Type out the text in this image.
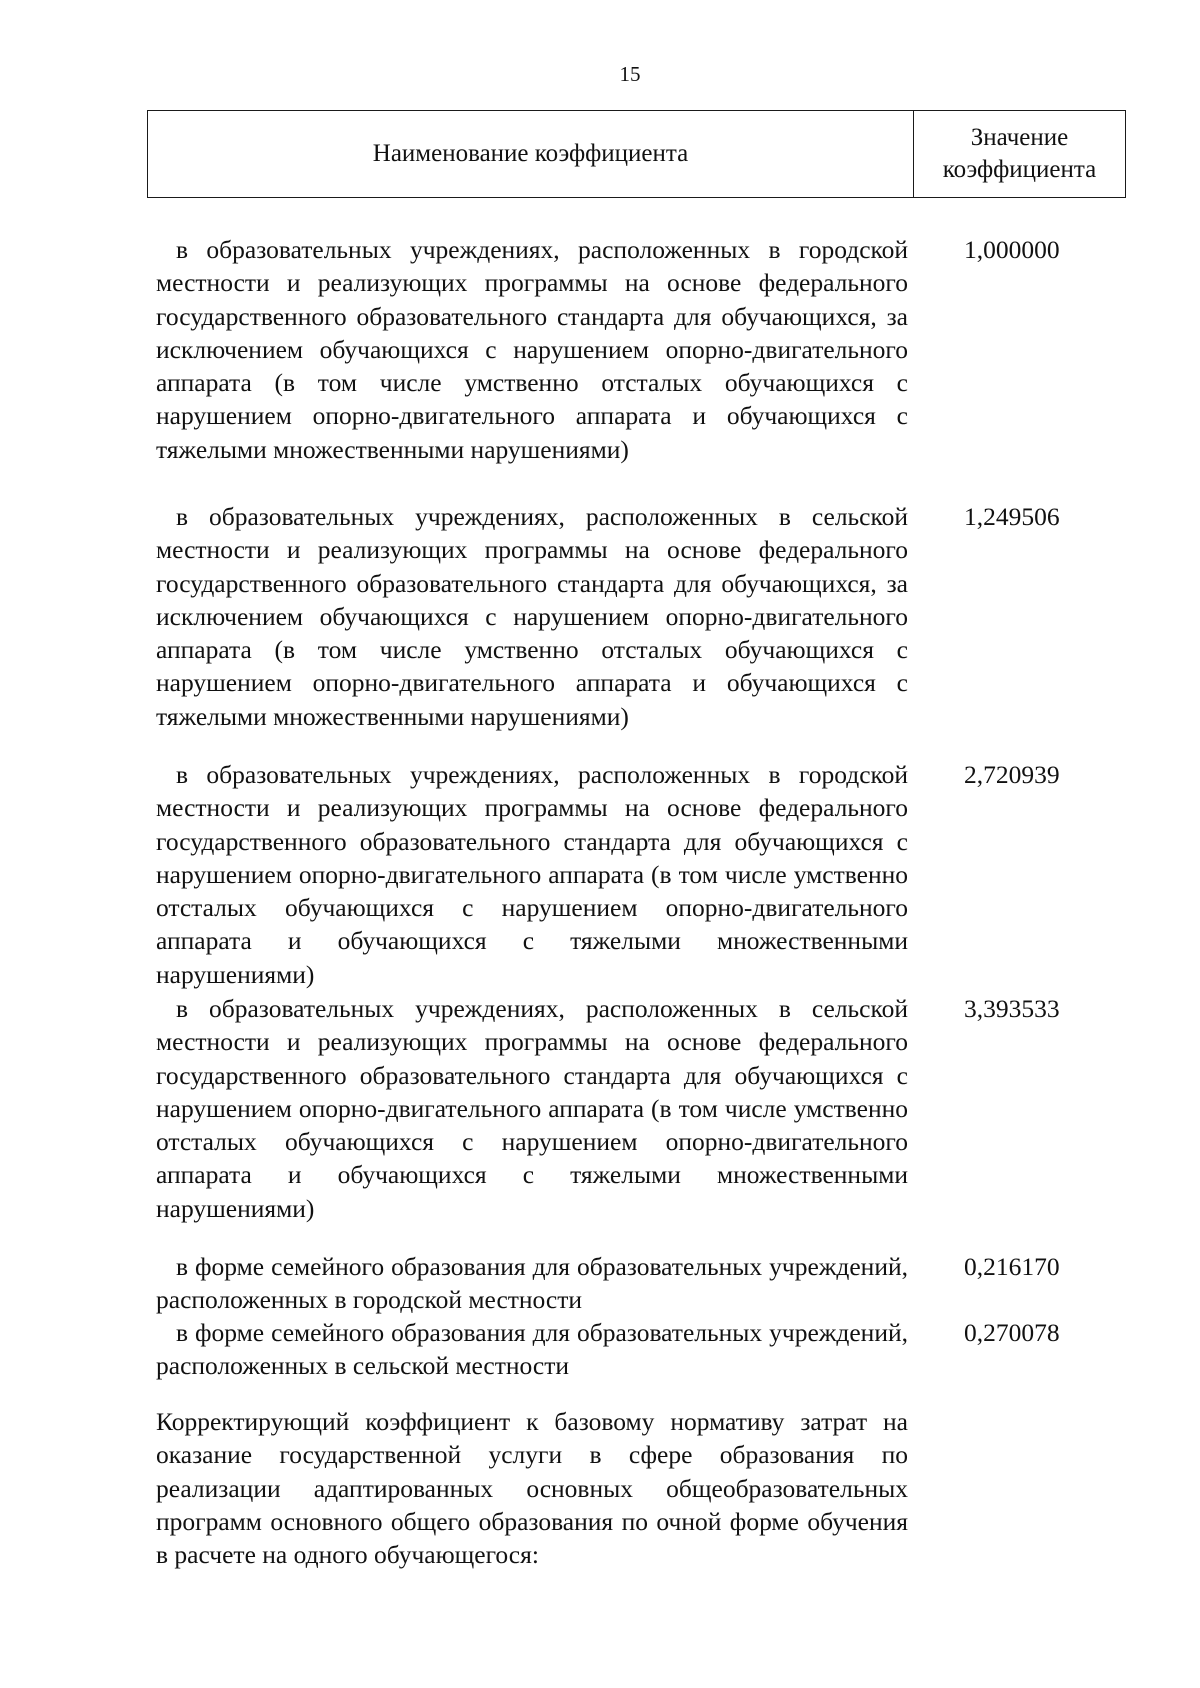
15
Наименование коэффициента
Значение коэффициента

в образовательных учреждениях, расположенных в городской местности и реализующих программы на основе федерального государственного образовательного стандарта для обучающихся, за исключением обучающихся с нарушением опорно-двигательного аппарата (в том числе умственно отсталых обучающихся с нарушением опорно-двигательного аппарата и обучающихся с тяжелыми множественными нарушениями)

1,000000

в образовательных учреждениях, расположенных в сельской местности и реализующих программы на основе федерального государственного образовательного стандарта для обучающихся, за исключением обучающихся с нарушением опорно-двигательного аппарата (в том числе умственно отсталых обучающихся с нарушением опорно-двигательного аппарата и обучающихся с тяжелыми множественными нарушениями)

1,249506

в образовательных учреждениях, расположенных в городской местности и реализующих программы на основе федерального государственного образовательного стандарта для обучающихся с нарушением опорно-двигательного аппарата (в том числе умственно отсталых обучающихся с нарушением опорно-двигательного аппарата и обучающихся с тяжелыми множественными нарушениями)

2,720939

в образовательных учреждениях, расположенных в сельской местности и реализующих программы на основе федерального государственного образовательного стандарта для обучающихся с нарушением опорно-двигательного аппарата (в том числе умственно отсталых обучающихся с нарушением опорно-двигательного аппарата и обучающихся с тяжелыми множественными нарушениями)

3,393533

в форме семейного образования для образовательных учреждений, расположенных в городской местности

0,216170

в форме семейного образования для образовательных учреждений, расположенных в сельской местности

0,270078

Корректирующий коэффициент к базовому нормативу затрат на оказание государственной услуги в сфере образования по реализации адаптированных основных общеобразовательных программ основного общего образования по очной форме обучения в расчете на одного обучающегося:
